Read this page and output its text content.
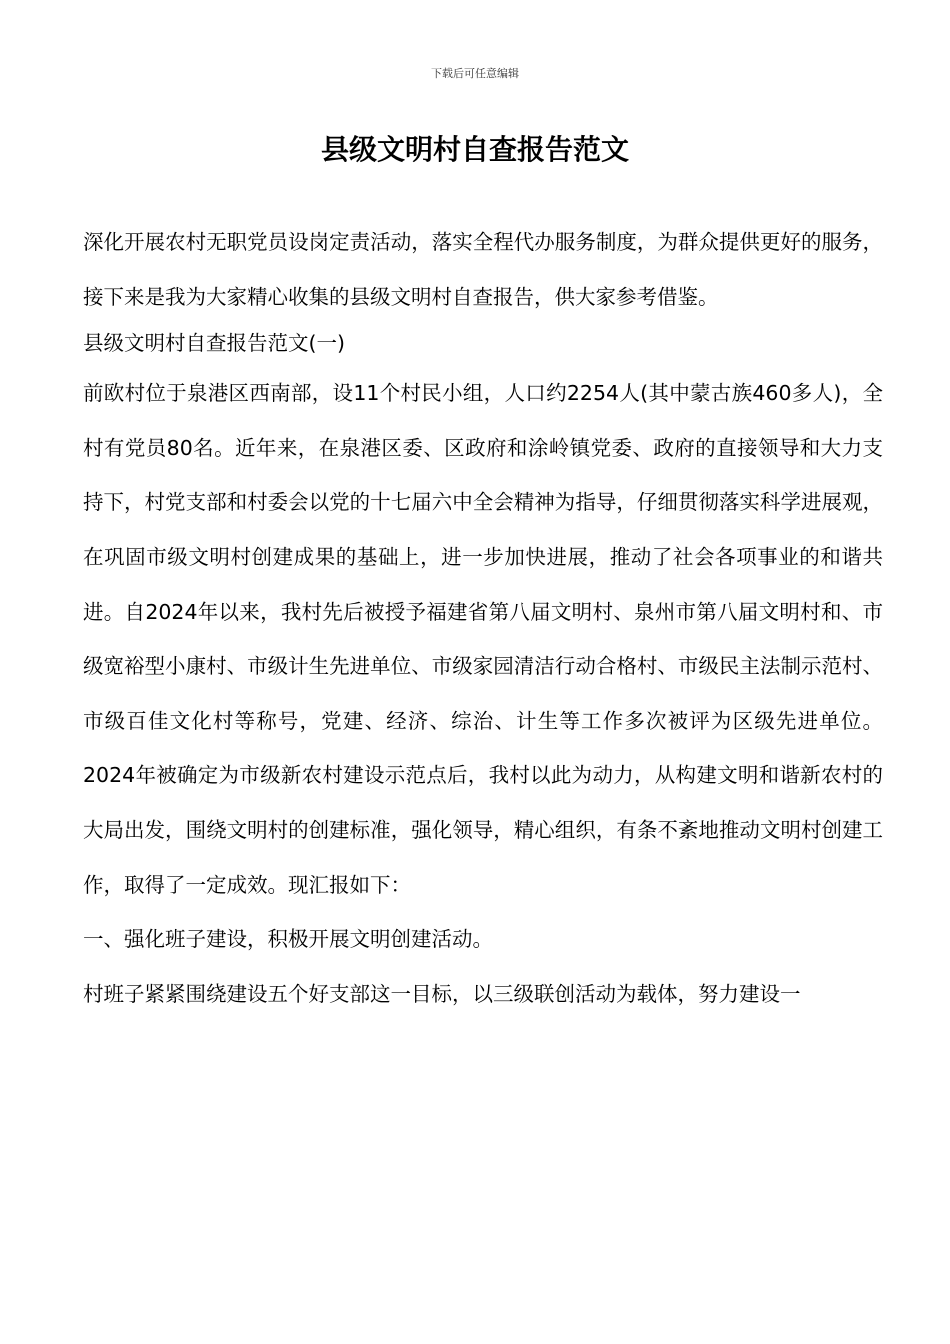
下载后可任意编辑
县级文明村自查报告范文

深化开展农村无职党员设岗定责活动，落实全程代办服务制度，为群众提供更好的服务，接下来是我为大家精心收集的县级文明村自查报告，供大家参考借鉴。

县级文明村自查报告范文(一)

前欧村位于泉港区西南部，设11个村民小组，人口约2254人(其中蒙古族460多人)，全村有党员80名。近年来，在泉港区委、区政府和涂岭镇党委、政府的直接领导和大力支持下，村党支部和村委会以党的十七届六中全会精神为指导，仔细贯彻落实科学进展观，在巩固市级文明村创建成果的基础上，进一步加快进展，推动了社会各项事业的和谐共进。自2024年以来，我村先后被授予福建省第八届文明村、泉州市第八届文明村和、市级宽裕型小康村、市级计生先进单位、市级家园清洁行动合格村、市级民主法制示范村、市级百佳文化村等称号，党建、经济、综治、计生等工作多次被评为区级先进单位。2024年被确定为市级新农村建设示范点后，我村以此为动力，从构建文明和谐新农村的大局出发，围绕文明村的创建标准，强化领导，精心组织，有条不紊地推动文明村创建工作，取得了一定成效。现汇报如下：

一、强化班子建设，积极开展文明创建活动。

村班子紧紧围绕建设五个好支部这一目标，以三级联创活动为载体，努力建设一
